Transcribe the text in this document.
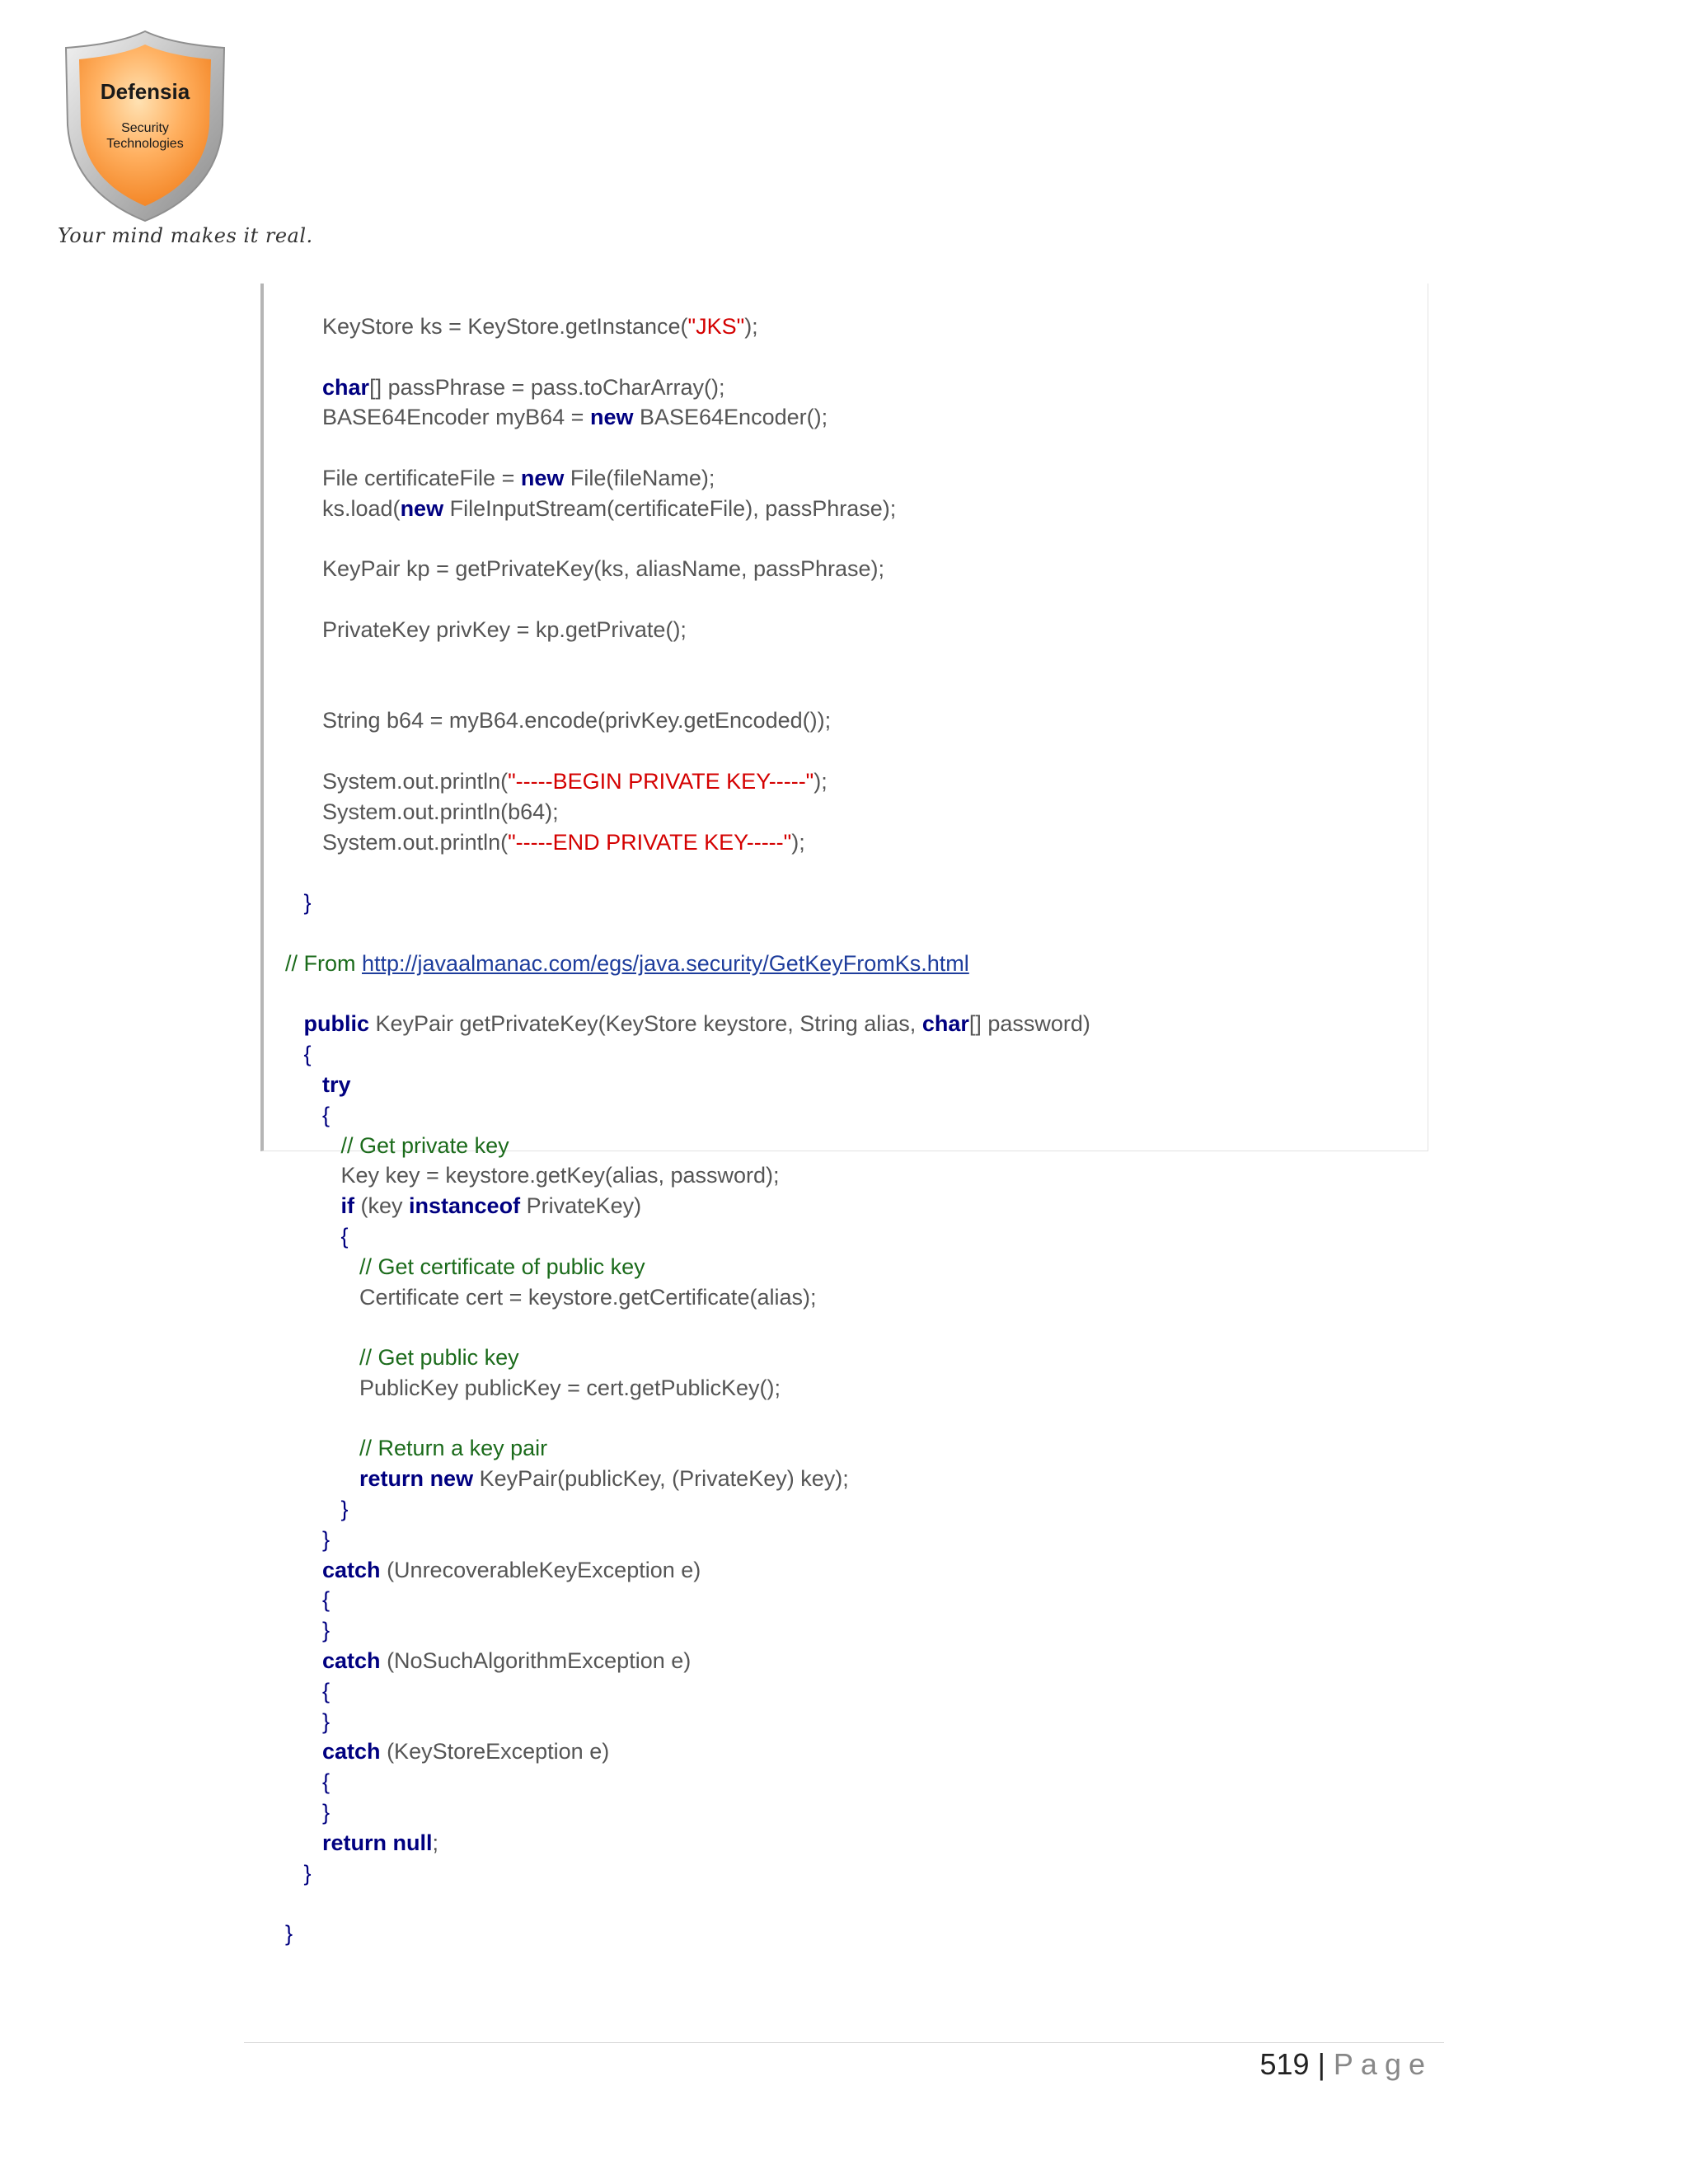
Defensia
Security
Technologies
Your mind makes it real.
KeyStore ks = KeyStore.getInstance("JKS");
char[] passPhrase = pass.toCharArray();
BASE64Encoder myB64 = new BASE64Encoder();
File certificateFile = new File(fileName);
ks.load(new FileInputStream(certificateFile), passPhrase);
KeyPair kp = getPrivateKey(ks, aliasName, passPhrase);
PrivateKey privKey = kp.getPrivate();
String b64 = myB64.encode(privKey.getEncoded());
System.out.println("-----BEGIN PRIVATE KEY-----");
System.out.println(b64);
System.out.println("-----END PRIVATE KEY-----");
}
// From http://javaalmanac.com/egs/java.security/GetKeyFromKs.html
public KeyPair getPrivateKey(KeyStore keystore, String alias, char[] password)
{
try
{
// Get private key
Key key = keystore.getKey(alias, password);
if (key instanceof PrivateKey)
{
// Get certificate of public key
Certificate cert = keystore.getCertificate(alias);
// Get public key
PublicKey publicKey = cert.getPublicKey();
// Return a key pair
return new KeyPair(publicKey, (PrivateKey) key);
}
}
catch (UnrecoverableKeyException e)
{
}
catch (NoSuchAlgorithmException e)
{
}
catch (KeyStoreException e)
{
}
return null;
}
}
519 | Page
